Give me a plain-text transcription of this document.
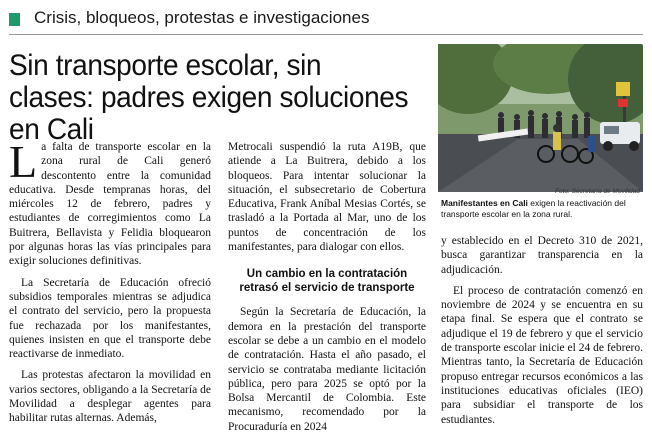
Crisis, bloqueos, protestas e investigaciones
Sin transporte escolar, sin clases: padres exigen soluciones en Cali
Foto: Secretaría de Movilidad
Manifestantes en Cali exigen la reactivación del transporte escolar en la zona rural.

La falta de transporte escolar en la zona rural de Cali generó descontento entre la comunidad educativa. Desde tempranas horas, del miércoles 12 de febrero, padres y estudiantes de corregimientos como La Buitrera, Bellavista y Felidia bloquearon por algunas horas las vías principales para exigir soluciones definitivas.

La Secretaría de Educación ofreció subsidios temporales mientras se adjudica el contrato del servicio, pero la propuesta fue rechazada por los manifestantes, quienes insisten en que el transporte debe reactivarse de inmediato.

Las protestas afectaron la movilidad en varios sectores, obligando a la Secretaría de Movilidad a desplegar agentes para habilitar rutas alternas. Además,

Metrocali suspendió la ruta A19B, que atiende a La Buitrera, debido a los bloqueos. Para intentar solucionar la situación, el subsecretario de Cobertura Educativa, Frank Aníbal Mesias Cortés, se trasladó a la Portada al Mar, uno de los puntos de concentración de los manifestantes, para dialogar con ellos.

Un cambio en la contratación retrasó el servicio de transporte

Según la Secretaría de Educación, la demora en la prestación del transporte escolar se debe a un cambio en el modelo de contratación. Hasta el año pasado, el servicio se contrataba mediante licitación pública, pero para 2025 se optó por la Bolsa Mercantil de Colombia. Este mecanismo, recomendado por la Procuraduría en 2024

y establecido en el Decreto 310 de 2021, busca garantizar transparencia en la adjudicación.

El proceso de contratación comenzó en noviembre de 2024 y se encuentra en su etapa final. Se espera que el contrato se adjudique el 19 de febrero y que el servicio de transporte escolar inicie el 24 de febrero. Mientras tanto, la Secretaría de Educación propuso entregar recursos económicos a las instituciones educativas oficiales (IEO) para subsidiar el transporte de los estudiantes.
